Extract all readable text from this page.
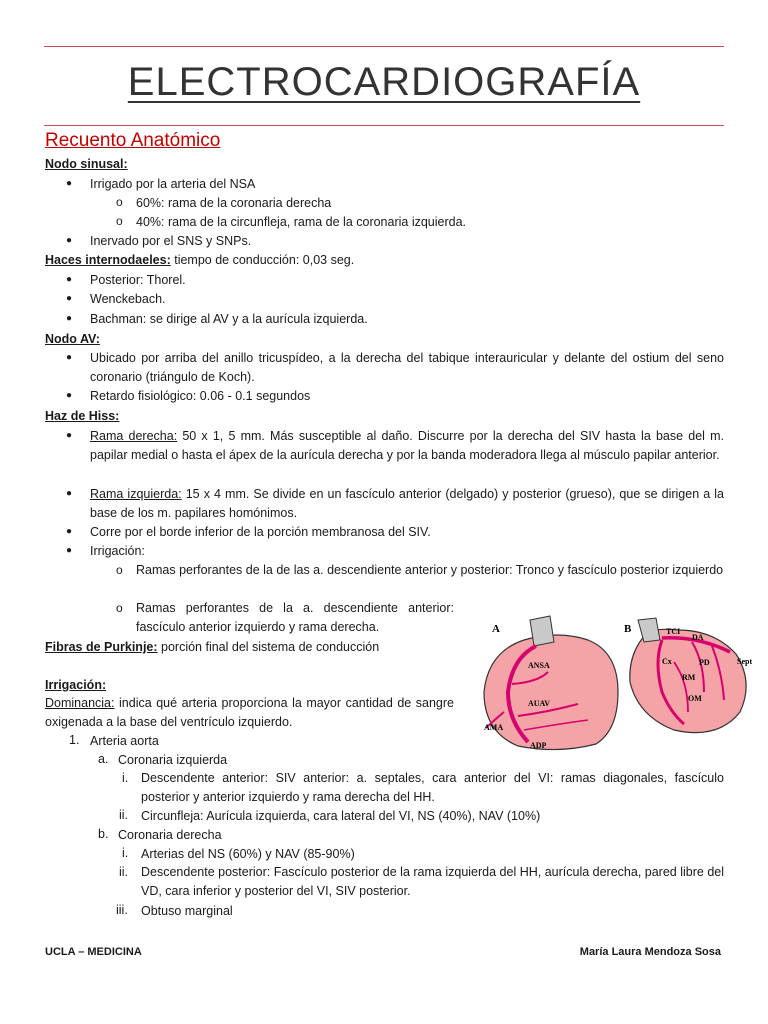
ELECTROCARDIOGRAFÍA
Recuento Anatómico
Nodo sinusal:
● Irrigado por la arteria del NSA
o 60%: rama de la coronaria derecha
o 40%: rama de la circunfleja, rama de la coronaria izquierda.
● Inervado por el SNS y SNPs.
Haces internodaeles: tiempo de conducción: 0,03 seg.
● Posterior: Thorel.
● Wenckebach.
● Bachman: se dirige al AV y a la aurícula izquierda.
Nodo AV:
● Ubicado por arriba del anillo tricuspídeo, a la derecha del tabique interauricular y delante del ostium del seno coronario (triángulo de Koch).
● Retardo fisiológico: 0.06 - 0.1 segundos
Haz de Hiss:
● Rama derecha: 50 x 1, 5 mm. Más susceptible al daño. Discurre por la derecha del SIV hasta la base del m. papilar medial o hasta el ápex de la aurícula derecha y por la banda moderadora llega al músculo papilar anterior.
● Rama izquierda: 15 x 4 mm. Se divide en un fascículo anterior (delgado) y posterior (grueso), que se dirigen a la base de los m. papilares homónimos.
● Corre por el borde inferior de la porción membranosa del SIV.
● Irrigación:
o Ramas perforantes de la de las a. descendiente anterior y posterior: Tronco y fascículo posterior izquierdo
o Ramas perforantes de la a. descendiente anterior: fascículo anterior izquierdo y rama derecha.
Fibras de Purkinje: porción final del sistema de conducción
Irrigación:
Dominancia: indica qué arteria proporciona la mayor cantidad de sangre oxigenada a la base del ventrículo izquierdo.
1. Arteria aorta
a. Coronaria izquierda
i. Descendente anterior: SIV anterior: a. septales, cara anterior del VI: ramas diagonales, fascículo posterior y anterior izquierdo y rama derecha del HH.
ii. Circunfleja: Aurícula izquierda, cara lateral del VI, NS (40%), NAV (10%)
b. Coronaria derecha
i. Arterias del NS (60%) y NAV (85-90%)
ii. Descendente posterior: Fascículo posterior de la rama izquierda del HH, aurícula derecha, pared libre del VD, cara inferior y posterior del VI, SIV posterior.
iii. Obtuso marginal
A
ANSA
AUAV
AMA
ADP
B	TCI
DA
Cx	PD
RM
OM
Sept
UCLA – MEDICINA	María Laura Mendoza Sosa
